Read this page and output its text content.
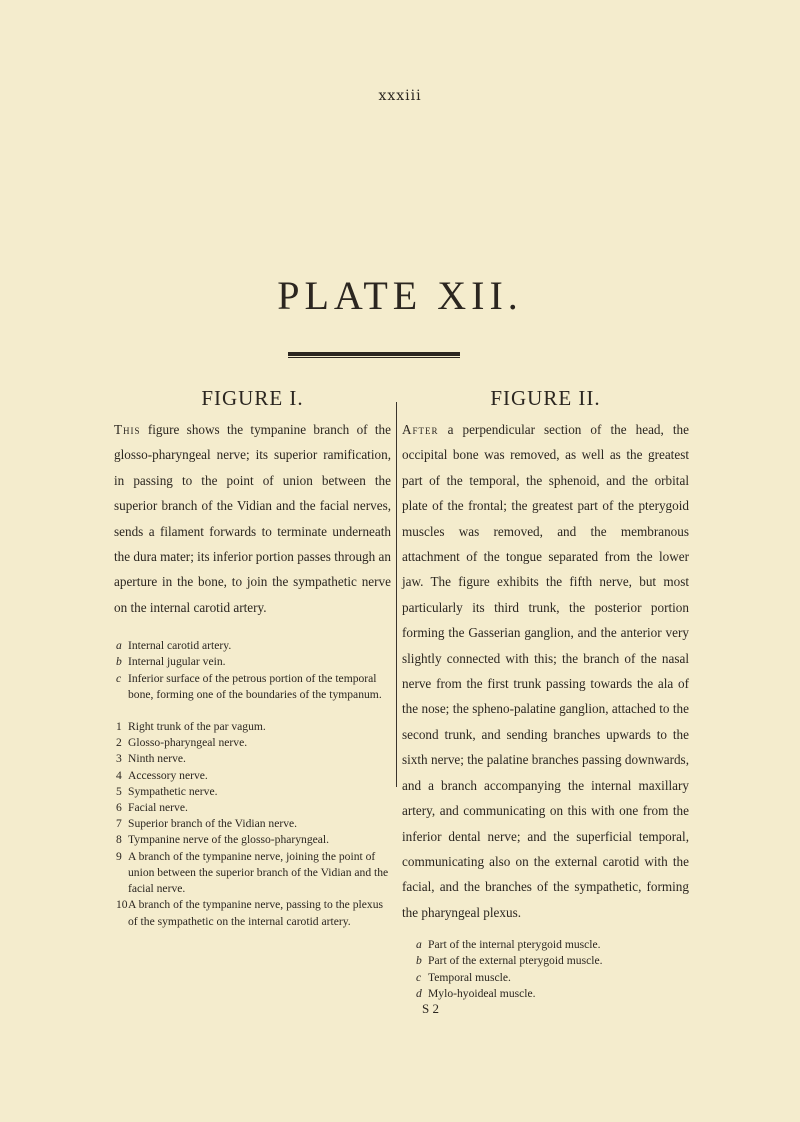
xxxiii
PLATE XII.
FIGURE I.

This figure shows the tympanine branch of the glosso-pharyngeal nerve; its superior ramification, in passing to the point of union between the superior branch of the Vidian and the facial nerves, sends a filament forwards to terminate underneath the dura mater; its inferior portion passes through an aperture in the bone, to join the sympathetic nerve on the internal carotid artery.

a Internal carotid artery.
b Internal jugular vein.
c Inferior surface of the petrous portion of the temporal bone, forming one of the boundaries of the tympanum.
1 Right trunk of the par vagum.
2 Glosso-pharyngeal nerve.
3 Ninth nerve.
4 Accessory nerve.
5 Sympathetic nerve.
6 Facial nerve.
7 Superior branch of the Vidian nerve.
8 Tympanine nerve of the glosso-pharyngeal.
9 A branch of the tympanine nerve, joining the point of union between the superior branch of the Vidian and the facial nerve.
10 A branch of the tympanine nerve, passing to the plexus of the sympathetic on the internal carotid artery.
FIGURE II.

After a perpendicular section of the head, the occipital bone was removed, as well as the greatest part of the temporal, the sphenoid, and the orbital plate of the frontal; the greatest part of the pterygoid muscles was removed, and the membranous attachment of the tongue separated from the lower jaw. The figure exhibits the fifth nerve, but most particularly its third trunk, the posterior portion forming the Gasserian ganglion, and the anterior very slightly connected with this; the branch of the nasal nerve from the first trunk passing towards the ala of the nose; the spheno-palatine ganglion, attached to the second trunk, and sending branches upwards to the sixth nerve; the palatine branches passing downwards, and a branch accompanying the internal maxillary artery, and communicating on this with one from the inferior dental nerve; and the superficial temporal, communicating also on the external carotid with the facial, and the branches of the sympathetic, forming the pharyngeal plexus.

a Part of the internal pterygoid muscle.
b Part of the external pterygoid muscle.
c Temporal muscle.
d Mylo-hyoideal muscle.

S 2
